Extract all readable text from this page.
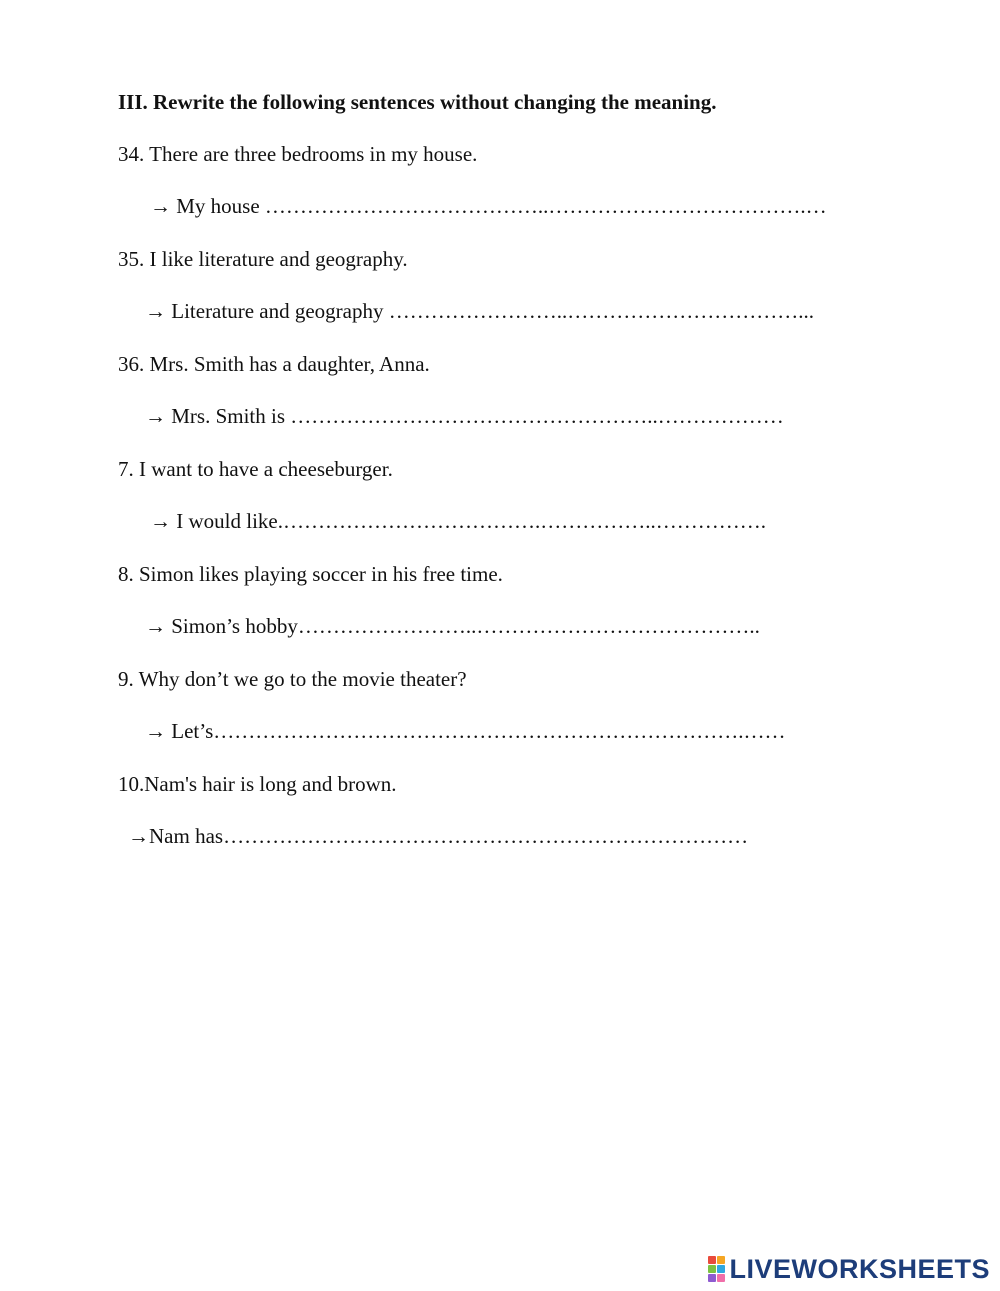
III. Rewrite the following sentences without changing the meaning.
34. There are three bedrooms in my house.
→ My house …………………………………..……………………………….…
35. I like literature and geography.
→ Literature and geography ……………………..……………………………...
36. Mrs. Smith has a daughter, Anna.
→ Mrs. Smith is ……………………………………………..………………
7. I want to have a cheeseburger.
→ I would like.……………………………….……………..…………….
8. Simon likes playing soccer in his free time.
→ Simon’s hobby……………………..…………………………………..
9. Why don’t we go to the movie theater?
→ Let’s………………………………………………………………….……
10.Nam's hair is long and brown.
→Nam has…………………………………………………………………
LIVEWORKSHEETS
